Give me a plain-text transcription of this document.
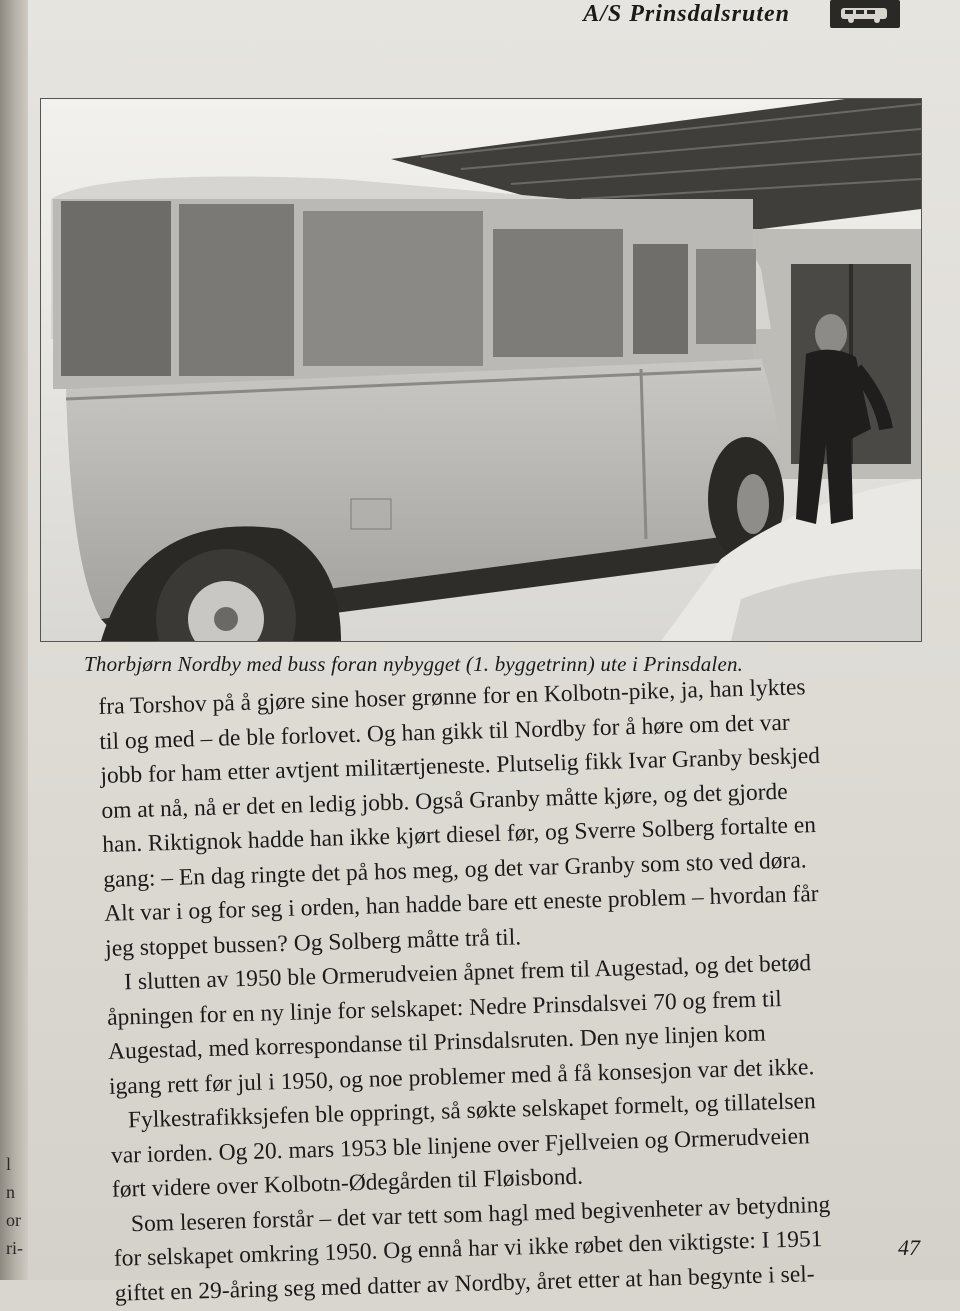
l
n
or
ri-
A/S Prinsdalsruten
Thorbjørn Nordby med buss foran nybygget (1. byggetrinn) ute i Prinsdalen.

fra Torshov på å gjøre sine hoser grønne for en Kolbotn-pike, ja, han lyktes

til og med – de ble forlovet. Og han gikk til Nordby for å høre om det var

jobb for ham etter avtjent militærtjeneste. Plutselig fikk Ivar Granby beskjed

om at nå, nå er det en ledig jobb. Også Granby måtte kjøre, og det gjorde

han. Riktignok hadde han ikke kjørt diesel før, og Sverre Solberg fortalte en

gang: – En dag ringte det på hos meg, og det var Granby som sto ved døra.

Alt var i og for seg i orden, han hadde bare ett eneste problem – hvordan får

jeg stoppet bussen? Og Solberg måtte trå til.

I slutten av 1950 ble Ormerudveien åpnet frem til Augestad, og det betød

åpningen for en ny linje for selskapet: Nedre Prinsdalsvei 70 og frem til

Augestad, med korrespondanse til Prinsdalsruten. Den nye linjen kom

igang rett før jul i 1950, og noe problemer med å få konsesjon var det ikke.

Fylkestrafikksjefen ble oppringt, så søkte selskapet formelt, og tillatelsen

var iorden. Og 20. mars 1953 ble linjene over Fjellveien og Ormerudveien

ført videre over Kolbotn-Ødegården til Fløisbond.

Som leseren forstår – det var tett som hagl med begivenheter av betydning

for selskapet omkring 1950. Og ennå har vi ikke røbet den viktigste: I 1951

giftet en 29-åring seg med datter av Nordby, året etter at han begynte i sel-

47
